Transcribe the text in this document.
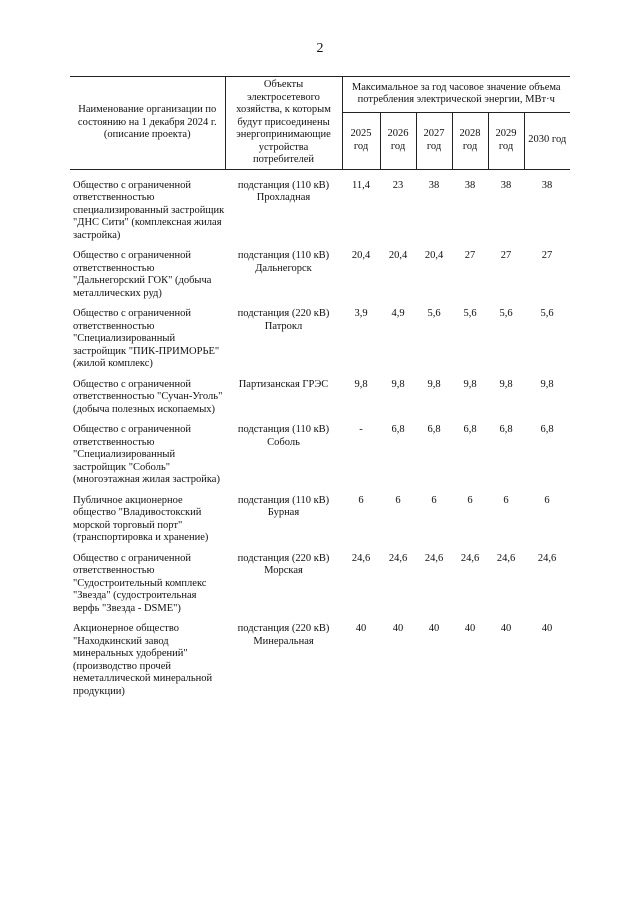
2
Наименование организации по состоянию на 1 декабря 2024 г. (описание проекта)	Объекты электросетевого хозяйства, к которым будут присоединены энергопринимающие устройства потребителей	Максимальное за год часовое значение объема потребления электрической энергии, МВт·ч					
		2025 год	2026 год	2027 год	2028 год	2029 год	2030 год
Общество с ограниченной ответственностью специализированный застройщик "ДНС Сити" (комплексная жилая застройка)	подстанция (110 кВ) Прохладная	11,4	23	38	38	38	38
Общество с ограниченной ответственностью "Дальнегорский ГОК" (добыча металлических руд)	подстанция (110 кВ) Дальнегорск	20,4	20,4	20,4	27	27	27
Общество с ограниченной ответственностью "Специализированный застройщик "ПИК-ПРИМОРЬЕ" (жилой комплекс)	подстанция (220 кВ) Патрокл	3,9	4,9	5,6	5,6	5,6	5,6
Общество с ограниченной ответственностью "Сучан-Уголь" (добыча полезных ископаемых)	Партизанская ГРЭС	9,8	9,8	9,8	9,8	9,8	9,8
Общество с ограниченной ответственностью "Специализированный застройщик "Соболь" (многоэтажная жилая застройка)	подстанция (110 кВ) Соболь	-	6,8	6,8	6,8	6,8	6,8
Публичное акционерное общество "Владивостокский морской торговый порт" (транспортировка и хранение)	подстанция (110 кВ) Бурная	6	6	6	6	6	6
Общество с ограниченной ответственностью "Судостроительный комплекс "Звезда" (судостроительная верфь "Звезда - DSME")	подстанция (220 кВ) Морская	24,6	24,6	24,6	24,6	24,6	24,6
Акционерное общество "Находкинский завод минеральных удобрений" (производство прочей неметаллической минеральной продукции)	подстанция (220 кВ) Минеральная	40	40	40	40	40	40
